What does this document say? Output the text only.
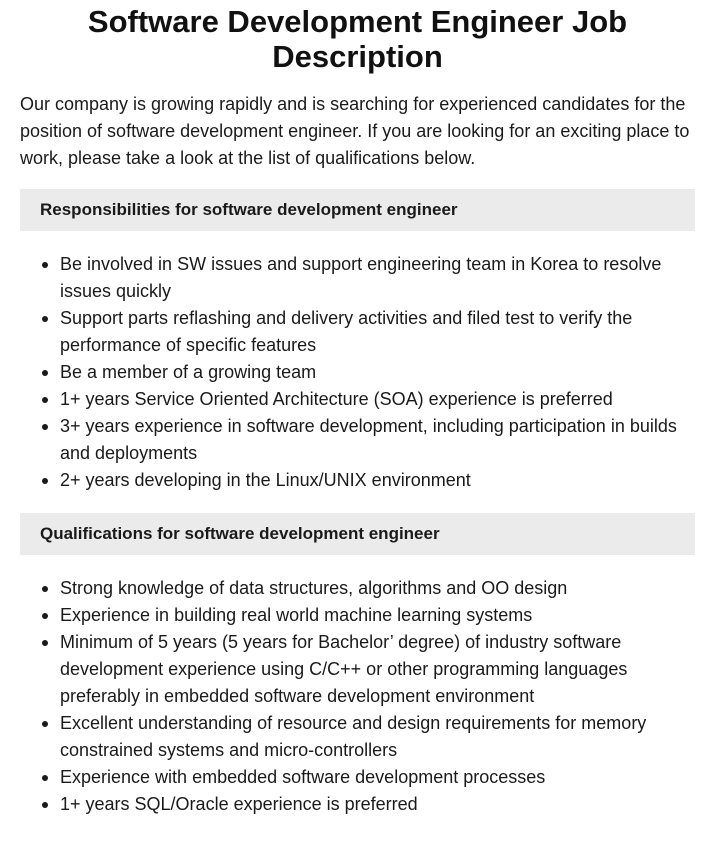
Software Development Engineer Job Description

Our company is growing rapidly and is searching for experienced candidates for the position of software development engineer. If you are looking for an exciting place to work, please take a look at the list of qualifications below.

Responsibilities for software development engineer
Be involved in SW issues and support engineering team in Korea to resolve issues quickly
Support parts reflashing and delivery activities and filed test to verify the performance of specific features
Be a member of a growing team
1+ years Service Oriented Architecture (SOA) experience is preferred
3+ years experience in software development, including participation in builds and deployments
2+ years developing in the Linux/UNIX environment
Qualifications for software development engineer
Strong knowledge of data structures, algorithms and OO design
Experience in building real world machine learning systems
Minimum of 5 years (5 years for Bachelor’ degree) of industry software development experience using C/C++ or other programming languages preferably in embedded software development environment
Excellent understanding of resource and design requirements for memory constrained systems and micro-controllers
Experience with embedded software development processes
1+ years SQL/Oracle experience is preferred
